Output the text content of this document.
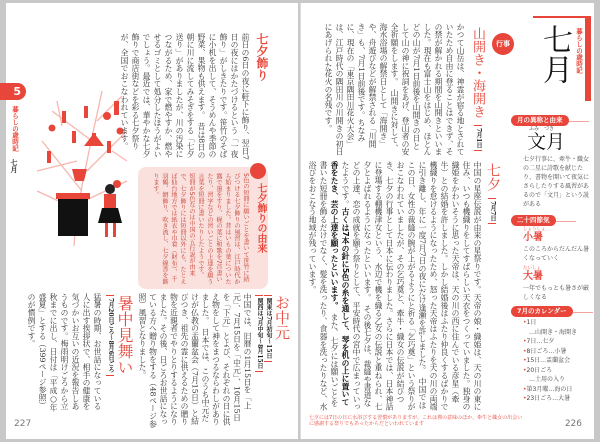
5
暮らしの歳時記
七月
七夕飾り
前日の6日の夜に軒下に飾り、翌日7日の夜にはかたづけるという「一夜飾り」がしきたりです。笹竹のそばに小机を出して、そうめんや季節の野菜、果物も供えます。　昔は8日の朝に川に流してみそぎをする「七夕送り」がありましたが、川の汚染につながるため、家で燃やすか、燃やせるゴミとして処分したほうがよいでしょう。最近では、華やかな七夕飾りで商店街などを彩る七夕祭りが、全国でおこなわれています。
七夕飾りの由来
5色の短冊に願いごとを書いて笹竹に結びつける七夕飾りの風習は、江戸時代から始まりました。昔はいもの葉についた露で墨をすり、梶の葉に和歌を7首書いたり、習字などの習いごとの上達を願う言葉を短冊に書いたりしたようです。　短冊が5色なのは中国の五行説が由来で、七夕飾りには短冊以外にも、たとえば仙台地方では紙衣や巾着（財布）、千羽鶴、網飾り、吹き流し、七夕線香を飾ります。
お中元
関東は7月初旬〜15日
関西は7月中旬〜8月15日
中国では、旧暦の1月15日を「上元」、7月15日を「中元」、10月15日を「下元」とよび、それぞれの日に供え物をして神をまつるならわしがありました。　日本では、このうち中元だけが仏教の盂蘭盆会（7月15日）と結びつき、祖先の霊に供えるための贈り物を近親者でやりとりするようになりました。その後、日ごろお世話になっている方へ贈り物をする（48ページ参照）風習となりました。
暑中見舞い
7月20日ごろ〜8月6日ごろ
猛暑の時期、お世話になっている人に出す挨拶状で、相手の健康を気づかいお互いの近況を報告しあうものです。梅雨明けごろから立秋までに出し、日付は「平成○年盛夏」とする（399ページ参照）のが慣例です。
227
暮らしの歳時記
七月
行事
山開き・海開き
7月1日
かつて山岳は、神霊が宿る地とされていたため自由に登ることはできず、その禁が解かれる期間を山開きといいました。現在も富士山をはじめ、ほとんどの山が7月1日前後を山開きの日として山の神に祝詞をあげ、登山者の安全祈願をします。　山開きに対して、海水浴場の解禁日として「海開き」や、舟遊びなどが解禁される「川開き」も、7月1日前後です。ちなみに、現在の「東京隅田川花火大会」は、江戸時代の隅田川の川開きの初日にあげられた花火の名残です。
七夕
7月7日
中国の星座伝説が由来の星祭りです。天帝の娘・織姫は、天の川の東に住み、いつも機織りをしてすばらしい天衣をつくっていました。独身の織姫をかわいそうに思った天帝は、天の川の西に住んでいる彦星（牽牛）との結婚を許しました。しかし結婚後はふたり仲良くするばかりで機織りを怠けるようになったため、怒った天帝はふたりを天の川の両端に引き離し、年に一度7月7日の夜にだけ逢瀬を許しました。　中国ではこの日、女性の裁縫の腕が上がるようにと祈る「乞巧奠」という祭りがおこなわれていましたが、その乞巧奠と、牽牛・織女の伝説が結びつき、七夕の行事として日本に伝わりました。さらに日本では、日本神話に登場する棚機津女という、水辺で機を織る乙女の伝説と重ねられ、七夕とよばれるようになったといいます。　その後七夕は、裁縫や書道などの上達、恋の成就を願う祭りとして、平安時代の宮中で広まっていったようです。古くは7本の針に5色の糸を通して、琴を机の上に置いて香をたき、芸の上達を願ったといいます。　また、七夕には願いごとを書いた短冊を飾るだけでなく、髪を洗ったり、食器を洗ったりなど、水浴びをおこなう地域が残っています。
七夕には7日の日に水浴びする習慣がありますが、これは禊の意味のほか、牽牛と織女の出会いに感謝する祭りでもあったからだといわれています
月の異称と由来
ふみ　づき
文月
七夕行事に、牽牛・織女の二星に詩歌を献じたり、書物を開いて夜気にさらしたりする風習があるので「文月」という説がある
二十四節気
しょうしょ
小暑
このころからだんだん暑くなっていく
たいしょ
大暑
一年でもっとも暑さが厳しくなる
7月のカレンダー
•1日
　…山開き・海開き
•7日…七夕
•8日ごろ…小暑
•15日…盂蘭盆会
•20日ごろ
　…土用の入り
•第3月曜…海の日
•23日ごろ…大暑
226
